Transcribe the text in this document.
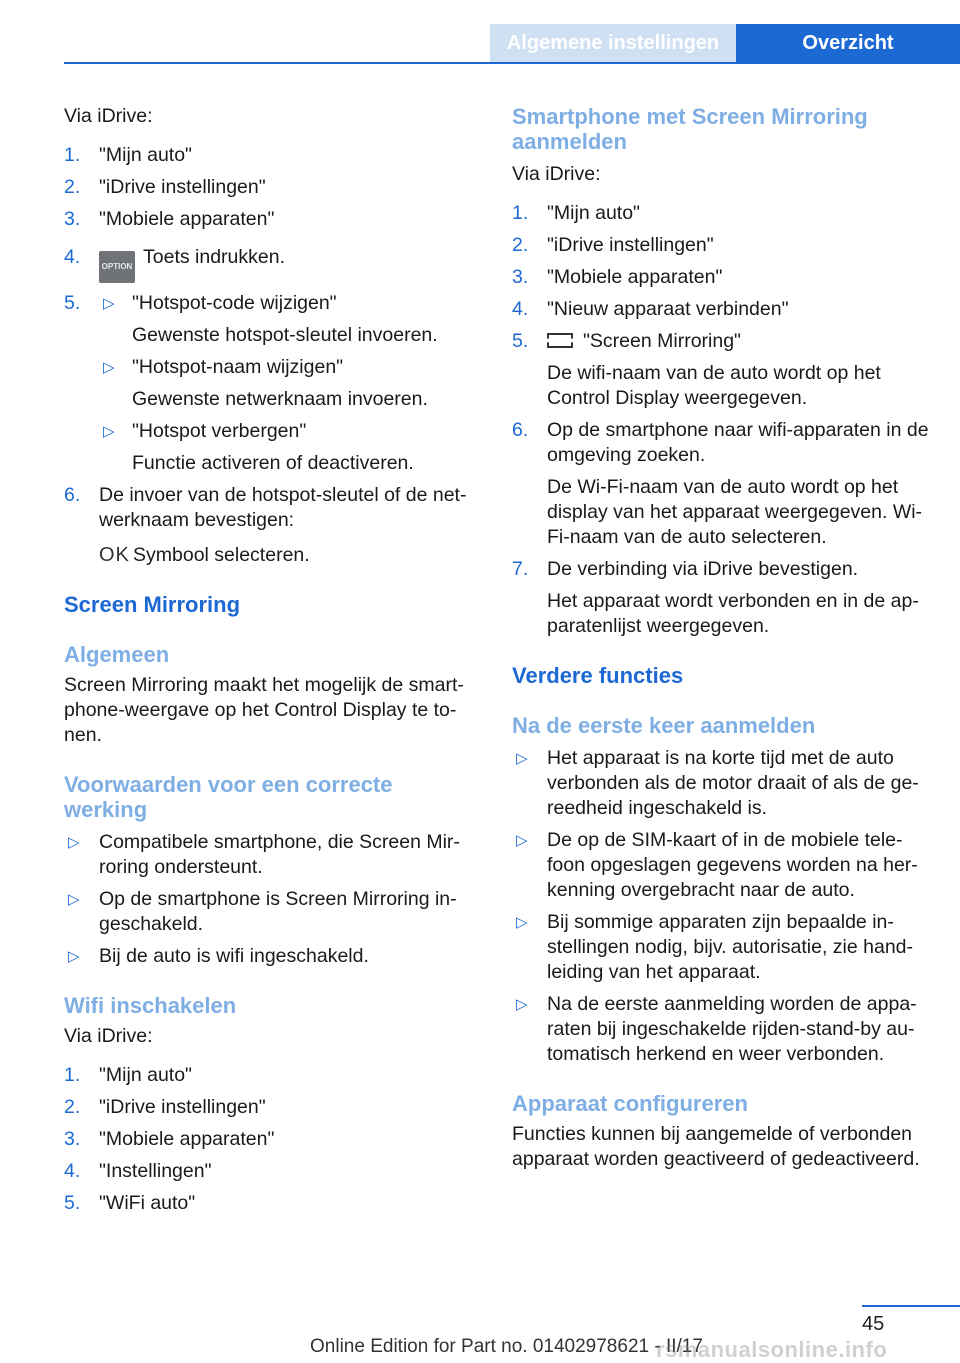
Algemene instellingen	Overzicht

Via iDrive:

1. "Mijn auto"
2. "iDrive instellingen"
3. "Mobiele apparaten"
4.	OPTION Toets indrukken.
5. ▷ "Hotspot-code wijzigen"

Gewenste hotspot-sleutel invoeren.

▷ "Hotspot-naam wijzigen"

Gewenste netwerknaam invoeren.

▷ "Hotspot verbergen"

Functie activeren of deactiveren.

6. De invoer van de hotspot-sleutel of de net-werknaam bevestigen:

OK Symbool selecteren.

Screen Mirroring
Algemeen

Screen Mirroring maakt het mogelijk de smart-phone-weergave op het Control Display te to-nen.

Voorwaarden voor een correcte werking
▷ Compatibele smartphone, die Screen Mir-roring ondersteunt.
▷ Op de smartphone is Screen Mirroring in-geschakeld.
▷ Bij de auto is wifi ingeschakeld.
Wifi inschakelen

Via iDrive:

1. "Mijn auto"
2. "iDrive instellingen"
3. "Mobiele apparaten"
4. "Instellingen"
5. "WiFi auto"
Smartphone met Screen Mirroring aanmelden

Via iDrive:

1. "Mijn auto"
2. "iDrive instellingen"
3. "Mobiele apparaten"
4. "Nieuw apparaat verbinden"
5.	"Screen Mirroring"

De wifi-naam van de auto wordt op het Control Display weergegeven.

6. Op de smartphone naar wifi-apparaten in de omgeving zoeken.

De Wi-Fi-naam van de auto wordt op het display van het apparaat weergegeven. Wi-Fi-naam van de auto selecteren.

7. De verbinding via iDrive bevestigen.

Het apparaat wordt verbonden en in de ap-paratenlijst weergegeven.

Verdere functies
Na de eerste keer aanmelden
▷ Het apparaat is na korte tijd met de auto verbonden als de motor draait of als de ge-reedheid ingeschakeld is.
▷ De op de SIM-kaart of in de mobiele tele-foon opgeslagen gegevens worden na her-kenning overgebracht naar de auto.
▷ Bij sommige apparaten zijn bepaalde in-stellingen nodig, bijv. autorisatie, zie hand-leiding van het apparaat.
▷ Na de eerste aanmelding worden de appa-raten bij ingeschakelde rijden-stand-by au-tomatisch herkend en weer verbonden.
Apparaat configureren

Functies kunnen bij aangemelde of verbonden apparaat worden geactiveerd of gedeactiveerd.

45
Online Edition for Part no. 01402978621 - II/17
rsmanualsonline.info
